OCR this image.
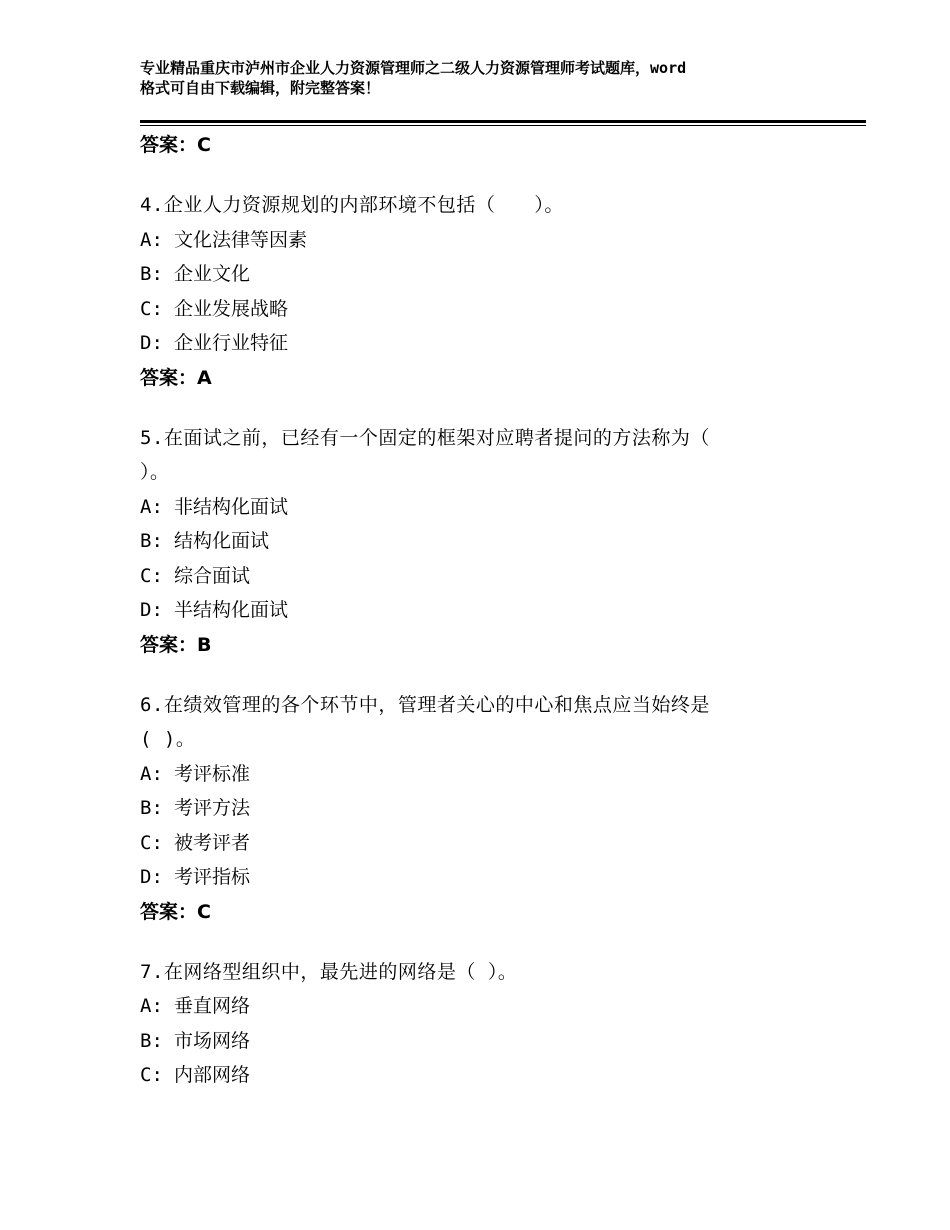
专业精品重庆市泸州市企业人力资源管理师之二级人力资源管理师考试题库，word
格式可自由下载编辑，附完整答案！
答案：C
4.企业人力资源规划的内部环境不包括（　　）。
A: 文化法律等因素
B: 企业文化
C: 企业发展战略
D: 企业行业特征
答案：A
5.在面试之前，已经有一个固定的框架对应聘者提问的方法称为（
）。
A: 非结构化面试
B: 结构化面试
C: 综合面试
D: 半结构化面试
答案：B
6.在绩效管理的各个环节中，管理者关心的中心和焦点应当始终是
( )。
A: 考评标准
B: 考评方法
C: 被考评者
D: 考评指标
答案：C
7.在网络型组织中，最先进的网络是（ ）。
A: 垂直网络
B: 市场网络
C: 内部网络
